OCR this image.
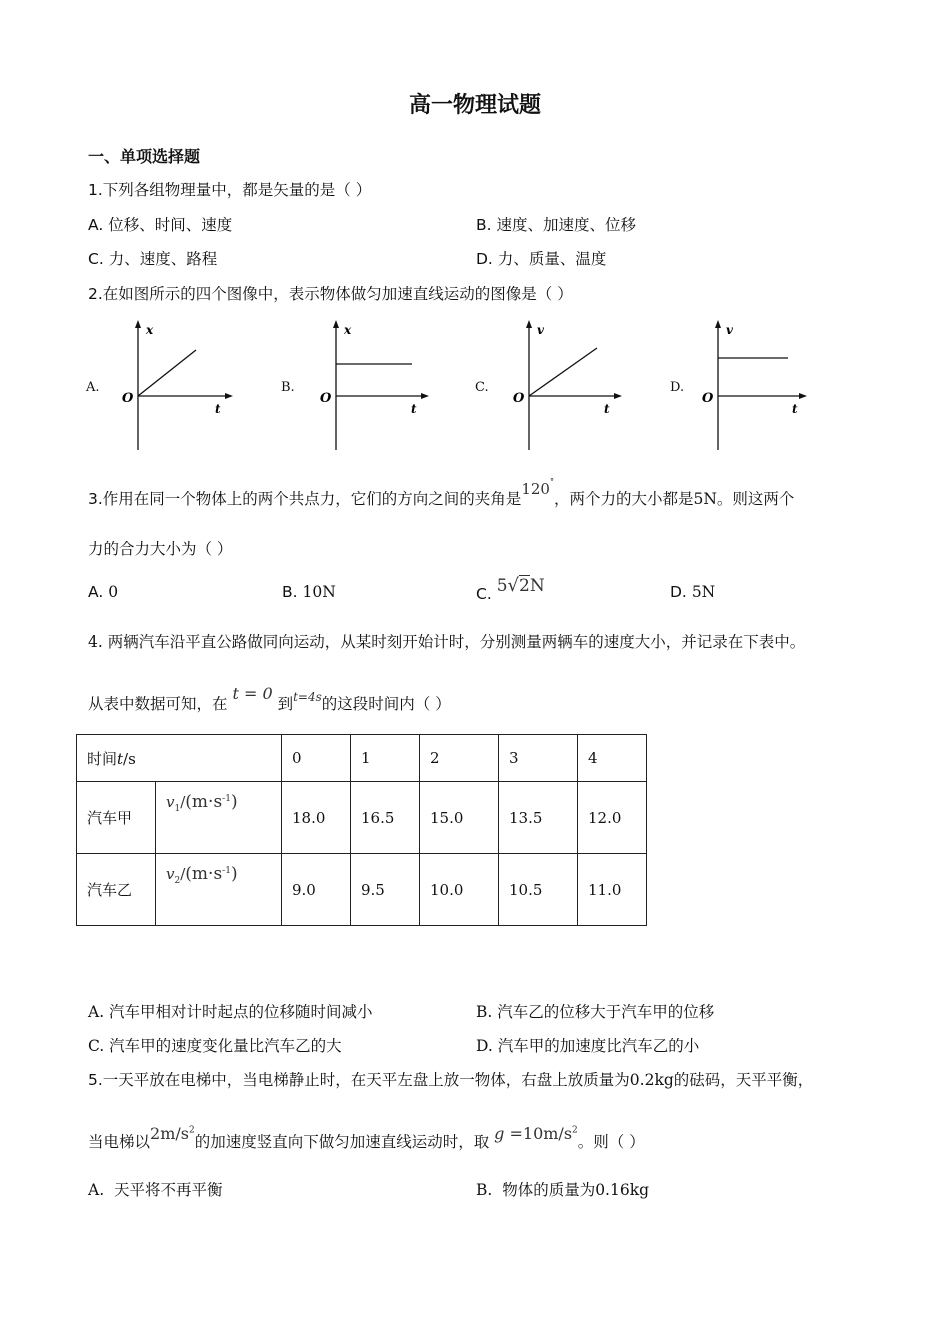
高一物理试题
一、单项选择题
1.下列各组物理量中，都是矢量的是（ ）
A. 位移、时间、速度	B. 速度、加速度、位移
C. 力、速度、路程	D. 力、质量、温度
2.在如图所示的四个图像中，表示物体做匀加速直线运动的图像是（ ）
A.
x
t
O
B.
x
t
O
C.
v
t
O
D.
v
t
O
3.作用在同一个物体上的两个共点力，它们的方向之间的夹角是120°，两个力的大小都是5N。则这两个
力的合力大小为（ ）
A. 0	B. 10N	C. 5√2N	D. 5N
4. 两辆汽车沿平直公路做同向运动，从某时刻开始计时，分别测量两辆车的速度大小，并记录在下表中。
从表中数据可知，在 t = 0 到$^{t=4s}$的这段时间内（ ）
时间t/s		0	1	2	3	4
汽车甲	$v_1/(m\cdot s^{-1})$	18.0	16.5	15.0	13.5	12.0
汽车乙	$v_2/(m\cdot s^{-1})$	9.0	9.5	10.0	10.5	11.0
A. 汽车甲相对计时起点的位移随时间减小	B. 汽车乙的位移大于汽车甲的位移
C. 汽车甲的速度变化量比汽车乙的大	D. 汽车甲的加速度比汽车乙的小
5.一天平放在电梯中，当电梯静止时，在天平左盘上放一物体，右盘上放质量为0.2kg的砝码，天平平衡，
当电梯以$2m/s^2$的加速度竖直向下做匀加速直线运动时，取 $g =10m/s^2$。则（ ）
A. 天平将不再平衡	B. 物体的质量为0.16kg
